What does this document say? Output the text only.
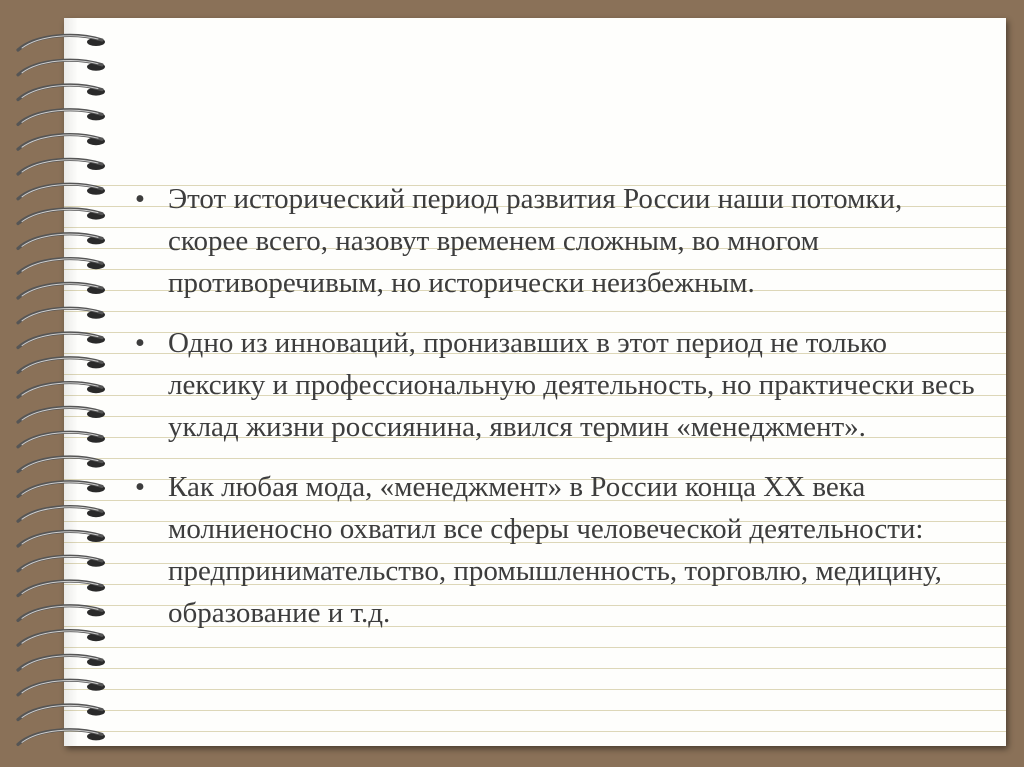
• Этот исторический период развития России наши потомки, скорее всего, назовут временем сложным, во многом противоречивым, но исторически неизбежным.
• Одно из инноваций, пронизавших в этот период не только лексику и профессиональную деятельность, но практически весь уклад жизни россиянина, явился термин «менеджмент».
• Как любая мода, «менеджмент» в России конца XX века молниеносно охватил все сферы человеческой деятельности: предпринимательство, промышленность, торговлю, медицину, образование и т.д.
